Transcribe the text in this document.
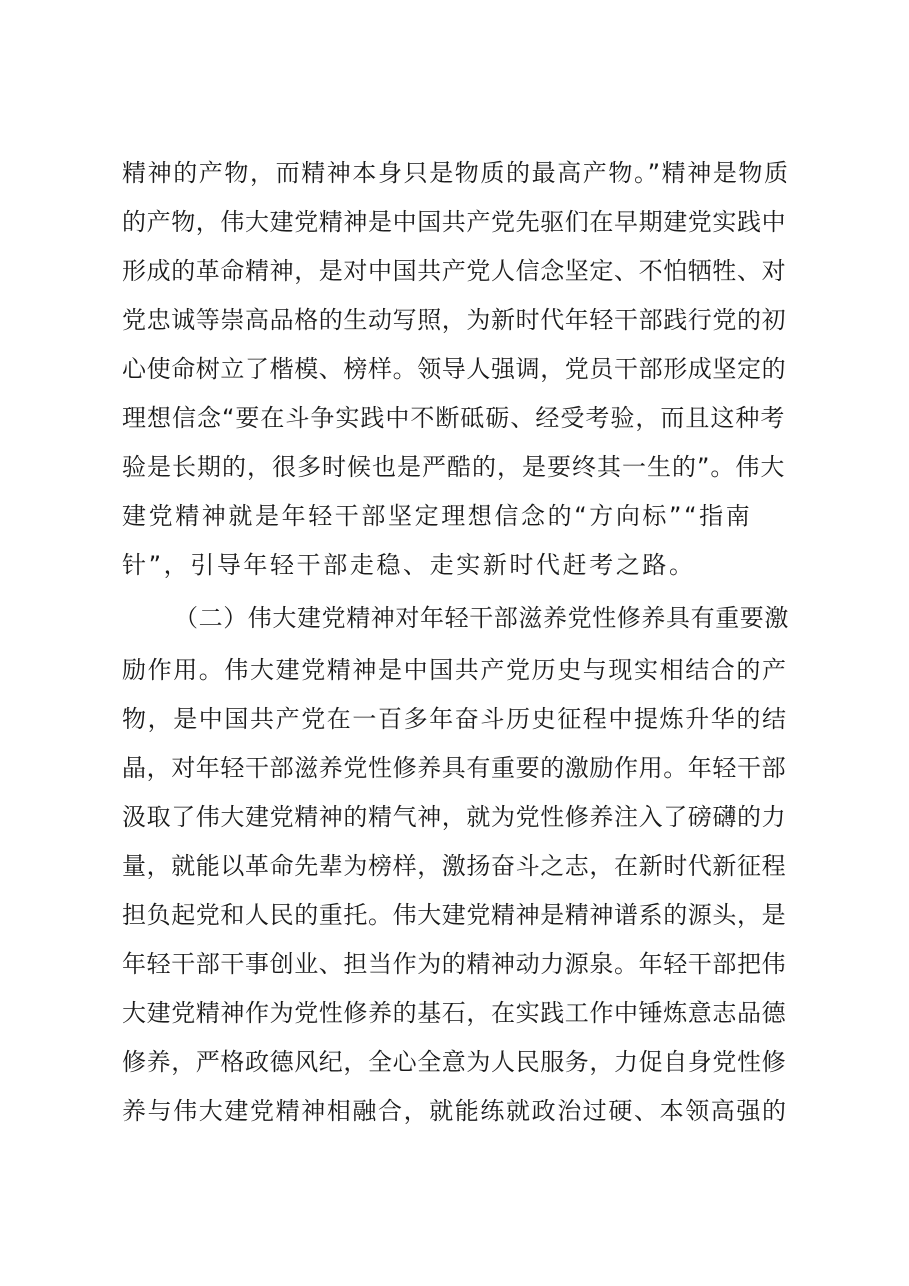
精神的产物，而精神本身只是物质的最高产物。”精神是物质

的产物，伟大建党精神是中国共产党先驱们在早期建党实践中

形成的革命精神，是对中国共产党人信念坚定、不怕牺牲、对

党忠诚等崇高品格的生动写照，为新时代年轻干部践行党的初

心使命树立了楷模、榜样。领导人强调，党员干部形成坚定的

理想信念“要在斗争实践中不断砥砺、经受考验，而且这种考

验是长期的，很多时候也是严酷的，是要终其一生的”。伟大

建党精神就是年轻干部坚定理想信念的“方向标”“指南

针”，引导年轻干部走稳、走实新时代赶考之路。

（二）伟大建党精神对年轻干部滋养党性修养具有重要激

励作用。伟大建党精神是中国共产党历史与现实相结合的产

物，是中国共产党在一百多年奋斗历史征程中提炼升华的结

晶，对年轻干部滋养党性修养具有重要的激励作用。年轻干部

汲取了伟大建党精神的精气神，就为党性修养注入了磅礴的力

量，就能以革命先辈为榜样，激扬奋斗之志，在新时代新征程

担负起党和人民的重托。伟大建党精神是精神谱系的源头，是

年轻干部干事创业、担当作为的精神动力源泉。年轻干部把伟

大建党精神作为党性修养的基石，在实践工作中锤炼意志品德

修养，严格政德风纪，全心全意为人民服务，力促自身党性修

养与伟大建党精神相融合，就能练就政治过硬、本领高强的
